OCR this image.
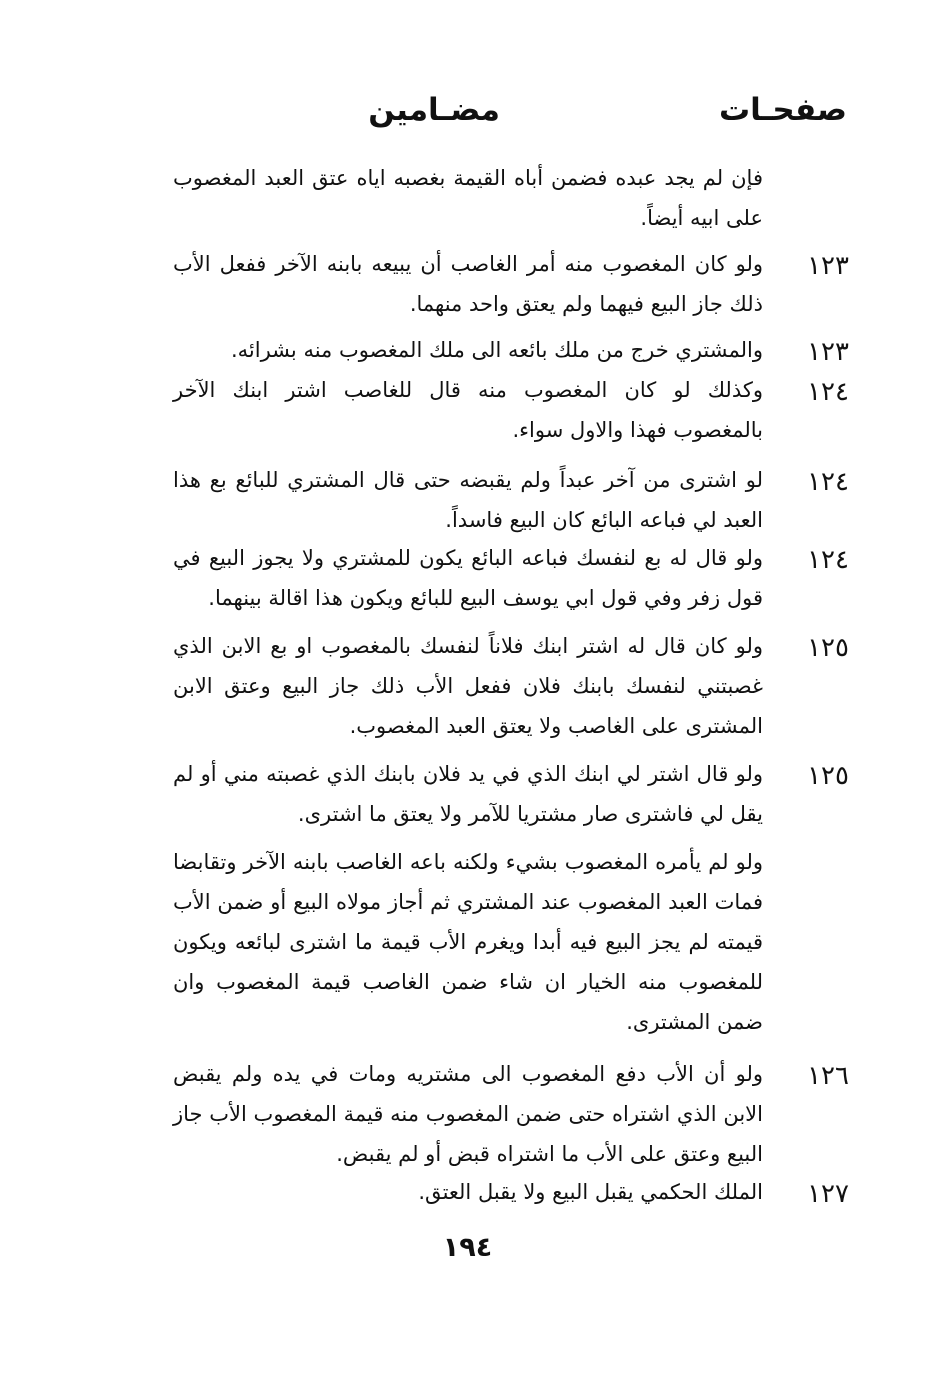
صفحـات
مضـامين
فإن لم يجد عبده فضمن أباه القيمة بغصبه اياه عتق العبد المغصوب على ابيه أيضاً.
١٢٣
ولو كان المغصوب منه أمر الغاصب أن يبيعه بابنه الآخر ففعل الأب ذلك جاز البيع فيهما ولم يعتق واحد منهما.
١٢٣
والمشتري خرج من ملك بائعه الى ملك المغصوب منه بشرائه.
١٢٤
وكذلك لو كان المغصوب منه قال للغاصب اشتر ابنك الآخر بالمغصوب فهذا والاول سواء.
١٢٤
لو اشترى من آخر عبداً ولم يقبضه حتى قال المشتري للبائع بع هذا العبد لي فباعه البائع كان البيع فاسداً.
١٢٤
ولو قال له بع لنفسك فباعه البائع يكون للمشتري ولا يجوز البيع في قول زفر وفي قول ابي يوسف البيع للبائع ويكون هذا اقالة بينهما.
١٢٥
ولو كان قال له اشتر ابنك فلاناً لنفسك بالمغصوب او بع الابن الذي غصبتني لنفسك بابنك فلان ففعل الأب ذلك جاز البيع وعتق الابن المشترى على الغاصب ولا يعتق العبد المغصوب.
١٢٥
ولو قال اشتر لي ابنك الذي في يد فلان بابنك الذي غصبته مني أو لم يقل لي فاشترى صار مشتريا للآمر ولا يعتق ما اشترى.
ولو لم يأمره المغصوب بشيء ولكنه باعه الغاصب بابنه الآخر وتقابضا فمات العبد المغصوب عند المشتري ثم أجاز مولاه البيع أو ضمن الأب قيمته لم يجز البيع فيه أبدا ويغرم الأب قيمة ما اشترى لبائعه ويكون للمغصوب منه الخيار ان شاء ضمن الغاصب قيمة المغصوب وان ضمن المشترى.
١٢٦
ولو أن الأب دفع المغصوب الى مشتريه ومات في يده ولم يقبض الابن الذي اشتراه حتى ضمن المغصوب منه قيمة المغصوب الأب جاز البيع وعتق على الأب ما اشتراه قبض أو لم يقبض.
١٢٧
الملك الحكمي يقبل البيع ولا يقبل العتق.
١٩٤
